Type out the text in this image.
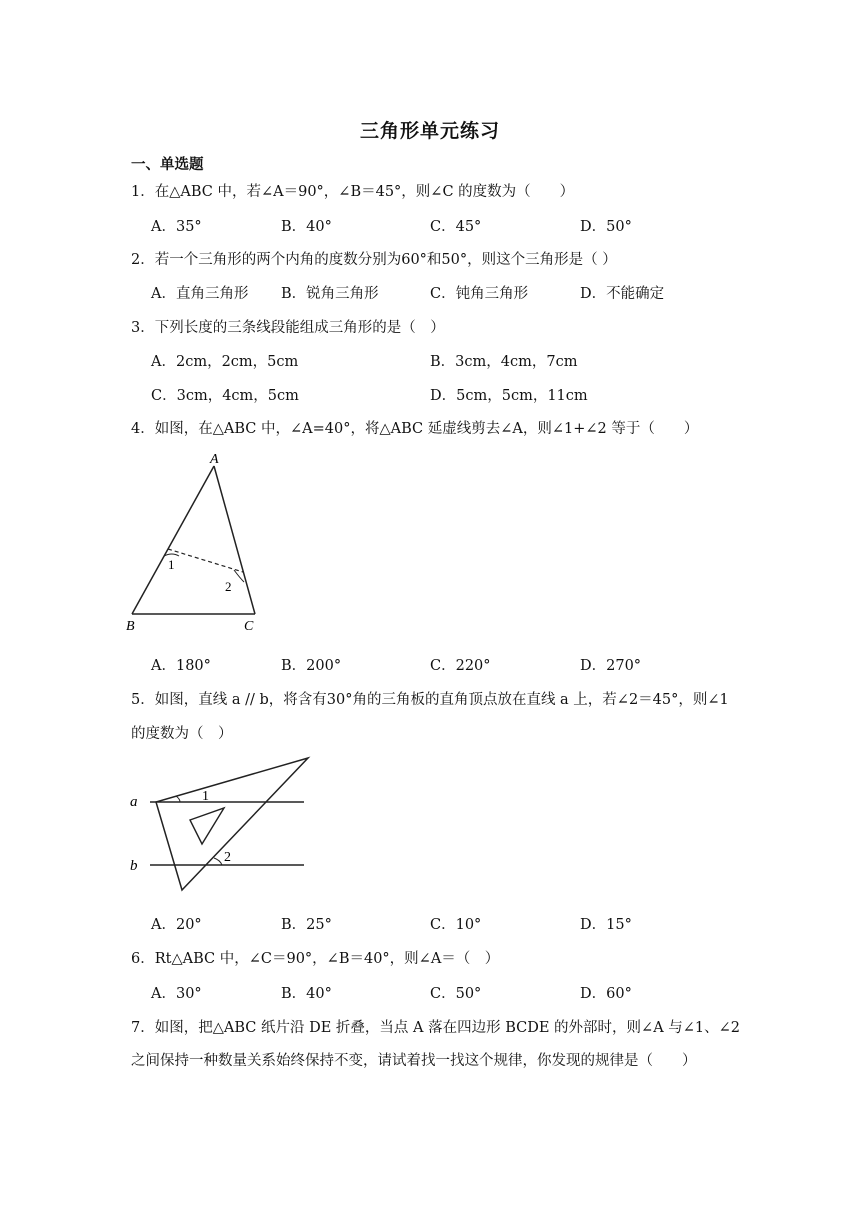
三角形单元练习
一、单选题
1．在△ABC 中，若∠A＝90°，∠B＝45°，则∠C 的度数为（　　）
A．35°	B．40°	C．45°	D．50°
2．若一个三角形的两个内角的度数分别为60°和50°，则这个三角形是（ ）
A．直角三角形 B．锐角三角形	C．钝角三角形	D．不能确定
3．下列长度的三条线段能组成三角形的是（　）
A．2cm，2cm，5cm	B．3cm，4cm，7cm
C．3cm，4cm，5cm	D．5cm，5cm，11cm
4．如图，在△ABC 中，∠A=40°，将△ABC 延虚线剪去∠A，则∠1+∠2 等于（　　）
A
B	C
1
2
A．180°	B．200°	C．220°	D．270°
5．如图，直线 a // b，将含有30°角的三角板的直角顶点放在直线 a 上，若∠2＝45°，则∠1
的度数为（　）
a
b
1
2
A．20°	B．25°	C．10°	D．15°
6．Rt△ABC 中，∠C＝90°，∠B＝40°，则∠A＝（　）
A．30°	B．40°	C．50°	D．60°
7．如图，把△ABC 纸片沿 DE 折叠，当点 A 落在四边形 BCDE 的外部时，则∠A 与∠1、∠2
之间保持一种数量关系始终保持不变，请试着找一找这个规律，你发现的规律是（　　）
